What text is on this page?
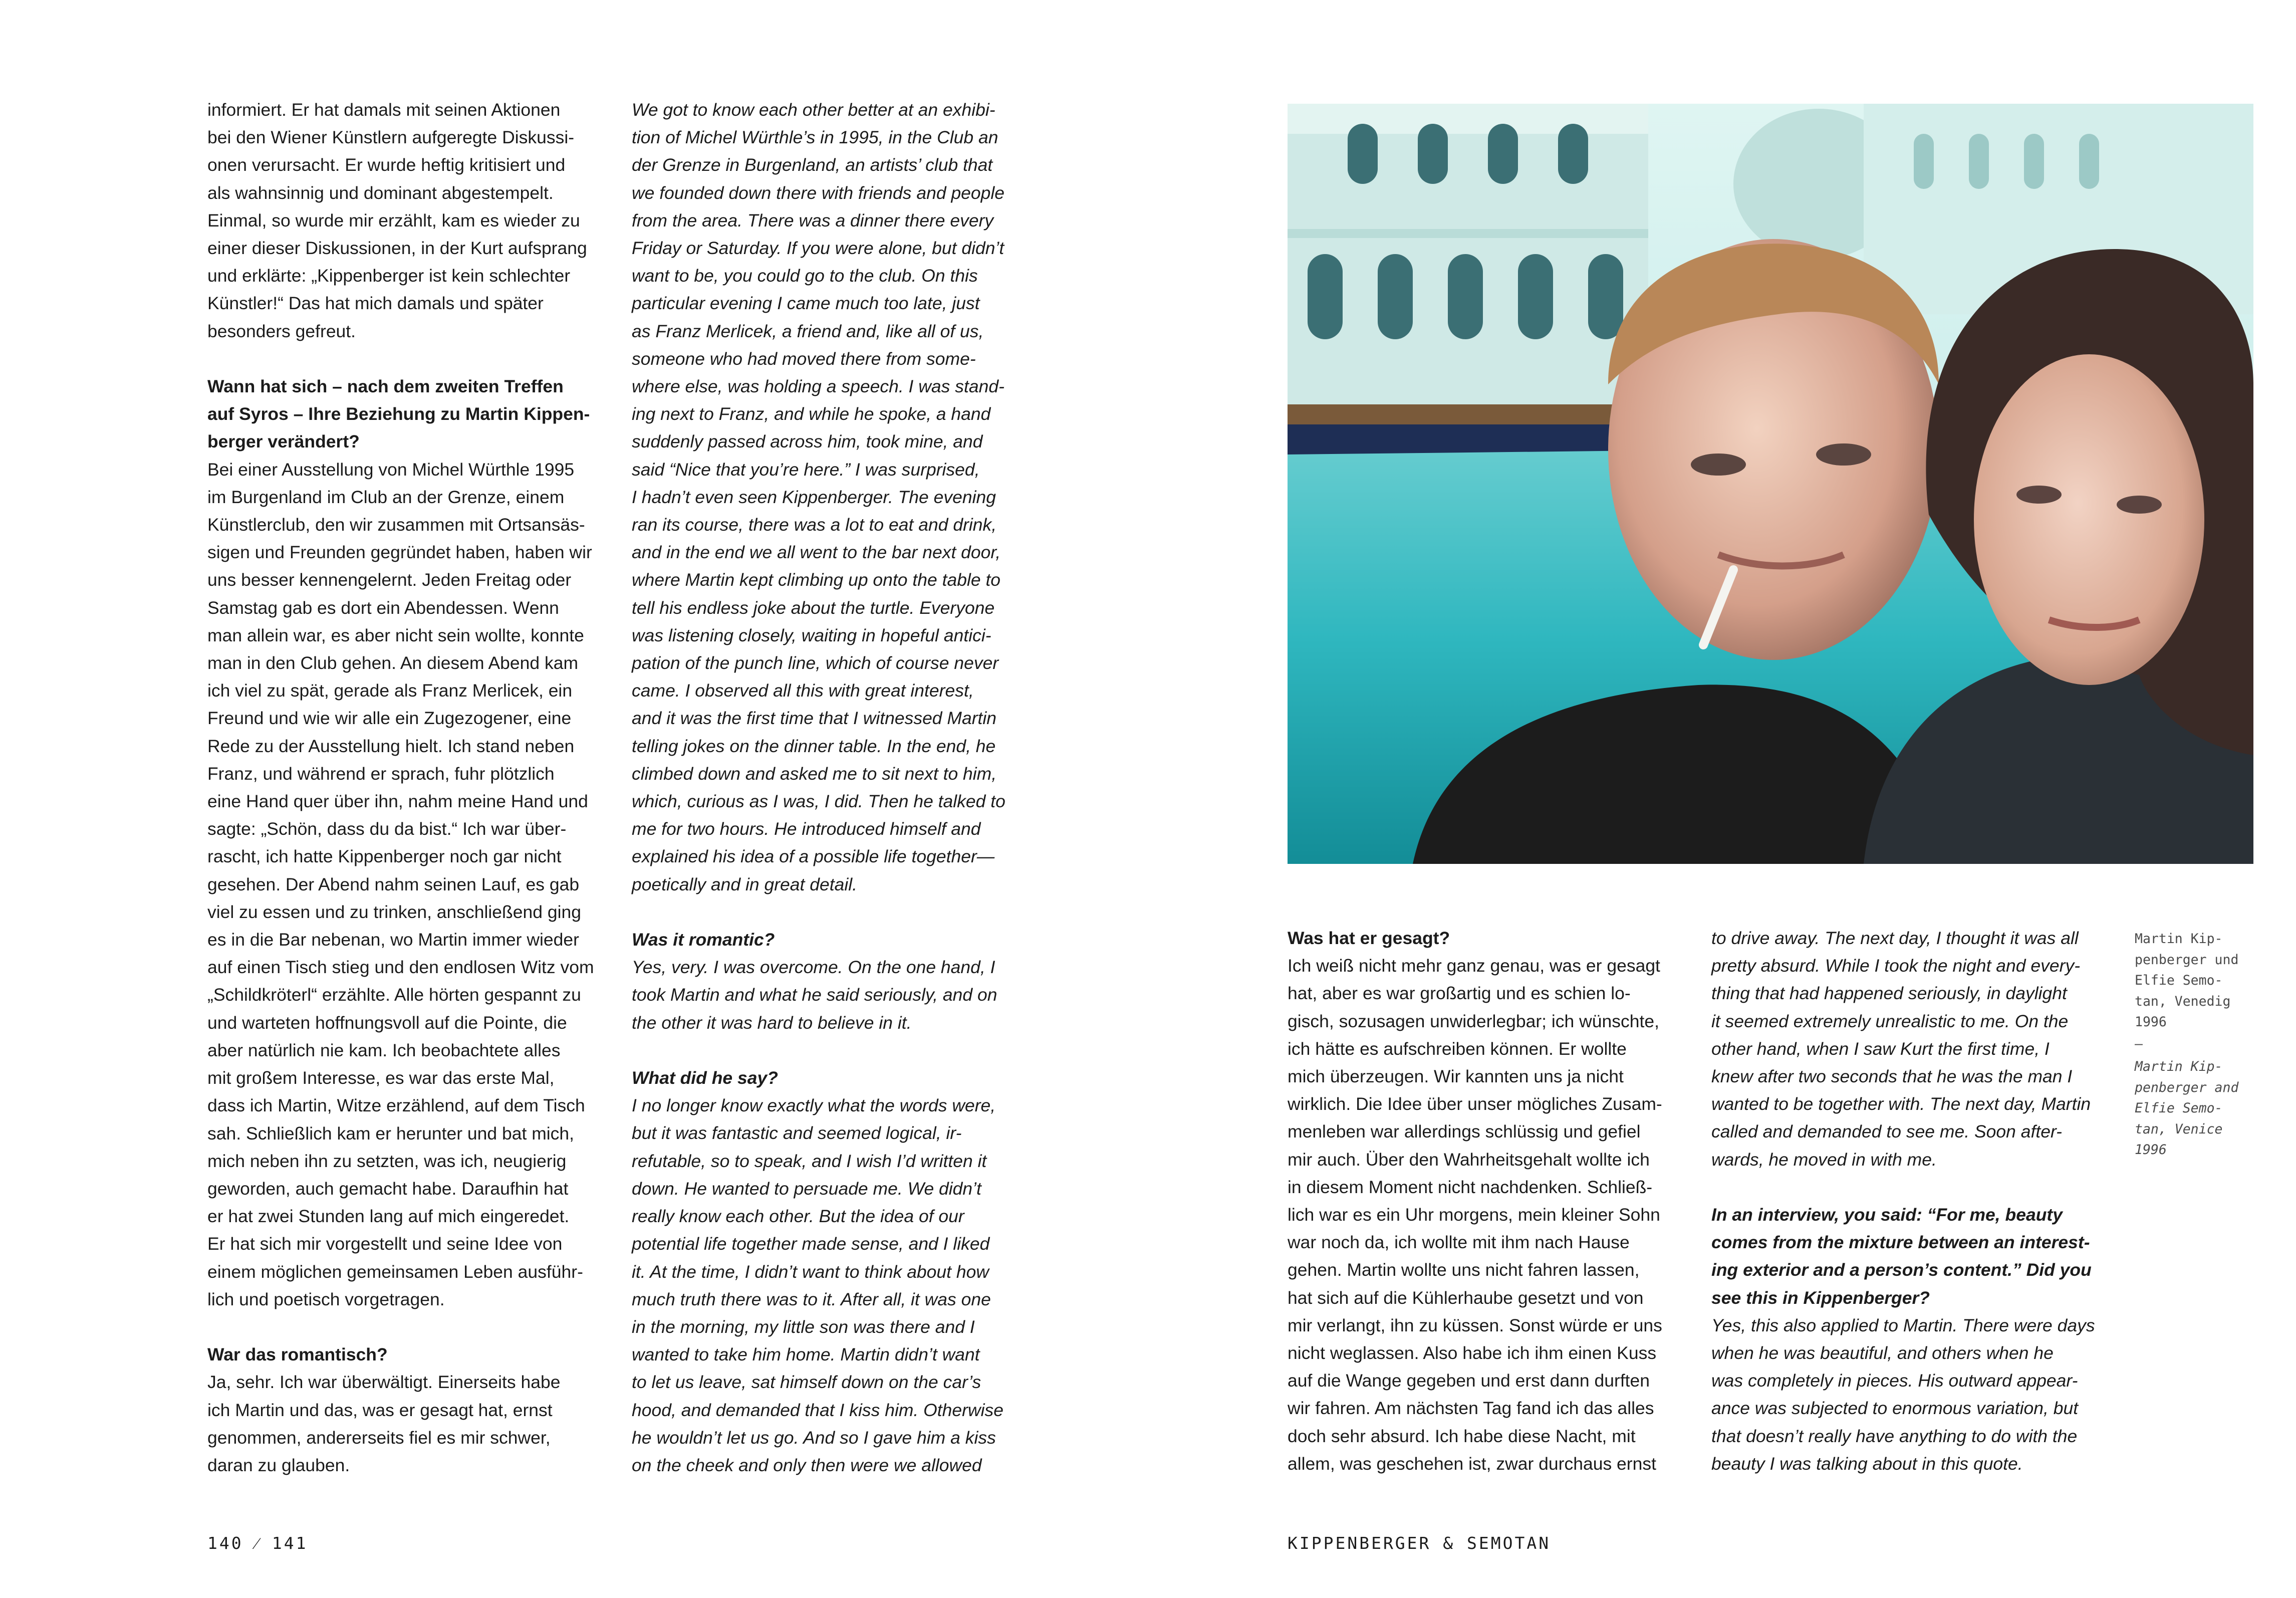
informiert. Er hat damals mit seinen Aktionen

bei den Wiener Künstlern aufgeregte Diskussi-

onen verursacht. Er wurde heftig kritisiert und

als wahnsinnig und dominant abgestempelt.

Einmal, so wurde mir erzählt, kam es wieder zu

einer dieser Diskussionen, in der Kurt aufsprang

und erklärte: „Kippenberger ist kein schlechter

Künstler!“ Das hat mich damals und später

besonders gefreut.

Wann hat sich – nach dem zweiten Treffen

auf Syros – Ihre Beziehung zu Martin Kippen-

berger verändert?

Bei einer Ausstellung von Michel Würthle 1995

im Burgenland im Club an der Grenze, einem

Künstlerclub, den wir zusammen mit Ortsansäs-

sigen und Freunden gegründet haben, haben wir

uns besser kennengelernt. Jeden Freitag oder

Samstag gab es dort ein Abendessen. Wenn

man allein war, es aber nicht sein wollte, konnte

man in den Club gehen. An diesem Abend kam

ich viel zu spät, gerade als Franz Merlicek, ein

Freund und wie wir alle ein Zugezogener, eine

Rede zu der Ausstellung hielt. Ich stand neben

Franz, und während er sprach, fuhr plötzlich

eine Hand quer über ihn, nahm meine Hand und

sagte: „Schön, dass du da bist.“ Ich war über-

rascht, ich hatte Kippenberger noch gar nicht

gesehen. Der Abend nahm seinen Lauf, es gab

viel zu essen und zu trinken, anschließend ging

es in die Bar nebenan, wo Martin immer wieder

auf einen Tisch stieg und den endlosen Witz vom

„Schildkröterl“ erzählte. Alle hörten gespannt zu

und warteten hoffnungsvoll auf die Pointe, die

aber natürlich nie kam. Ich beobachtete alles

mit großem Interesse, es war das erste Mal,

dass ich Martin, Witze erzählend, auf dem Tisch

sah. Schließlich kam er herunter und bat mich,

mich neben ihn zu setzten, was ich, neugierig

geworden, auch gemacht habe. Daraufhin hat

er hat zwei Stunden lang auf mich eingeredet.

Er hat sich mir vorgestellt und seine Idee von

einem möglichen gemeinsamen Leben ausführ-

lich und poetisch vorgetragen.

War das romantisch?

Ja, sehr. Ich war überwältigt. Einerseits habe

ich Martin und das, was er gesagt hat, ernst

genommen, andererseits fiel es mir schwer,

daran zu glauben.

We got to know each other better at an exhibi-

tion of Michel Würthle’s in 1995, in the Club an

der Grenze in Burgenland, an artists’ club that

we founded down there with friends and people

from the area. There was a dinner there every

Friday or Saturday. If you were alone, but didn’t

want to be, you could go to the club. On this

particular evening I came much too late, just

as Franz Merlicek, a friend and, like all of us,

someone who had moved there from some-

where else, was holding a speech. I was stand-

ing next to Franz, and while he spoke, a hand

suddenly passed across him, took mine, and

said “Nice that you’re here.” I was surprised,

I hadn’t even seen Kippenberger. The evening

ran its course, there was a lot to eat and drink,

and in the end we all went to the bar next door,

where Martin kept climbing up onto the table to

tell his endless joke about the turtle. Everyone

was listening closely, waiting in hopeful antici-

pation of the punch line, which of course never

came. I observed all this with great interest,

and it was the first time that I witnessed Martin

telling jokes on the dinner table. In the end, he

climbed down and asked me to sit next to him,

which, curious as I was, I did. Then he talked to

me for two hours. He introduced himself and

explained his idea of a possible life together—

poetically and in great detail.

Was it romantic?

Yes, very. I was overcome. On the one hand, I

took Martin and what he said seriously, and on

the other it was hard to believe in it.

What did he say?

I no longer know exactly what the words were,

but it was fantastic and seemed logical, ir-

refutable, so to speak, and I wish I’d written it

down. He wanted to persuade me. We didn’t

really know each other. But the idea of our

potential life together made sense, and I liked

it. At the time, I didn’t want to think about how

much truth there was to it. After all, it was one

in the morning, my little son was there and I

wanted to take him home. Martin didn’t want

to let us leave, sat himself down on the car’s

hood, and demanded that I kiss him. Otherwise

he wouldn’t let us go. And so I gave him a kiss

on the cheek and only then were we allowed

Was hat er gesagt?

Ich weiß nicht mehr ganz genau, was er gesagt

hat, aber es war großartig und es schien lo-

gisch, sozusagen unwiderlegbar; ich wünschte,

ich hätte es aufschreiben können. Er wollte

mich überzeugen. Wir kannten uns ja nicht

wirklich. Die Idee über unser mögliches Zusam-

menleben war allerdings schlüssig und gefiel

mir auch. Über den Wahrheitsgehalt wollte ich

in diesem Moment nicht nachdenken. Schließ-

lich war es ein Uhr morgens, mein kleiner Sohn

war noch da, ich wollte mit ihm nach Hause

gehen. Martin wollte uns nicht fahren lassen,

hat sich auf die Kühlerhaube gesetzt und von

mir verlangt, ihn zu küssen. Sonst würde er uns

nicht weglassen. Also habe ich ihm einen Kuss

auf die Wange gegeben und erst dann durften

wir fahren. Am nächsten Tag fand ich das alles

doch sehr absurd. Ich habe diese Nacht, mit

allem, was geschehen ist, zwar durchaus ernst

to drive away. The next day, I thought it was all

pretty absurd. While I took the night and every-

thing that had happened seriously, in daylight

it seemed extremely unrealistic to me. On the

other hand, when I saw Kurt the first time, I

knew after two seconds that he was the man I

wanted to be together with. The next day, Martin

called and demanded to see me. Soon after-

wards, he moved in with me.

In an interview, you said: “For me, beauty

comes from the mixture between an interest-

ing exterior and a person’s content.” Did you

see this in Kippenberger?

Yes, this also applied to Martin. There were days

when he was beautiful, and others when he

was completely in pieces. His outward appear-

ance was subjected to enormous variation, but

that doesn’t really have anything to do with the

beauty I was talking about in this quote.

Martin Kip-

penberger und

Elfie Semo-

tan, Venedig

1996

—

Martin Kip-

penberger and

Elfie Semo-

tan, Venice

1996

140 ⁄ 141	KIPPENBERGER & SEMOTAN
